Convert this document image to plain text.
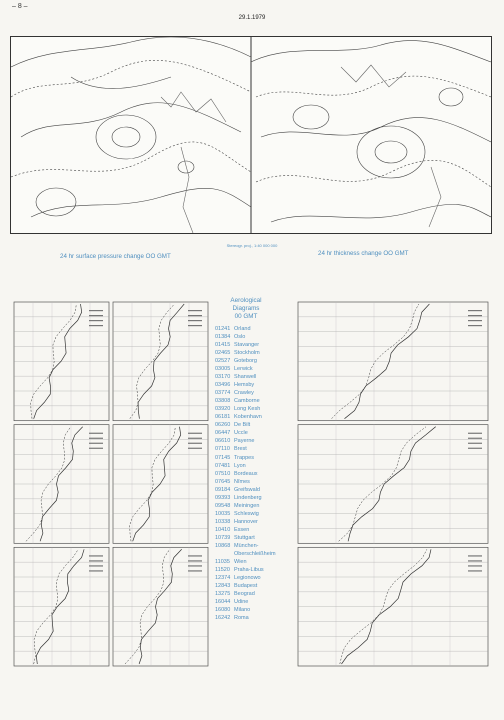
– 8 –
29.1.1979
24 hr surface pressure change OO GMT
Stereogr. proj., 1:40 000 000
24 hr thickness change OO GMT
Aerological
Diagrams
00 GMT
01241 Orland
01384 Oslo
01415 Stavanger
02465 Stockholm
02527 Goteborg
03005 Lerwick
03170 Shanwell
03496 Hemsby
03774 Crawley
03808 Camborne
03920 Long Kesh
06181 Kobenhavn
06260 De Bilt
06447 Uccle
06610 Payerne
07110 Brest
07145 Trappes
07481 Lyon
07510 Bordeaux
07645 Nîmes
09184 Greifswald
09393 Lindenberg
09548 Meiningen
10035 Schleswig
10338 Hannover
10410 Essen
10739 Stuttgart
10868 München-
Oberschleißheim
11035 Wien
11520 Praha-Libus
12374 Legionowo
12843 Budapest
13275 Beograd
16044 Udine
16080 Milano
16242 Roma
